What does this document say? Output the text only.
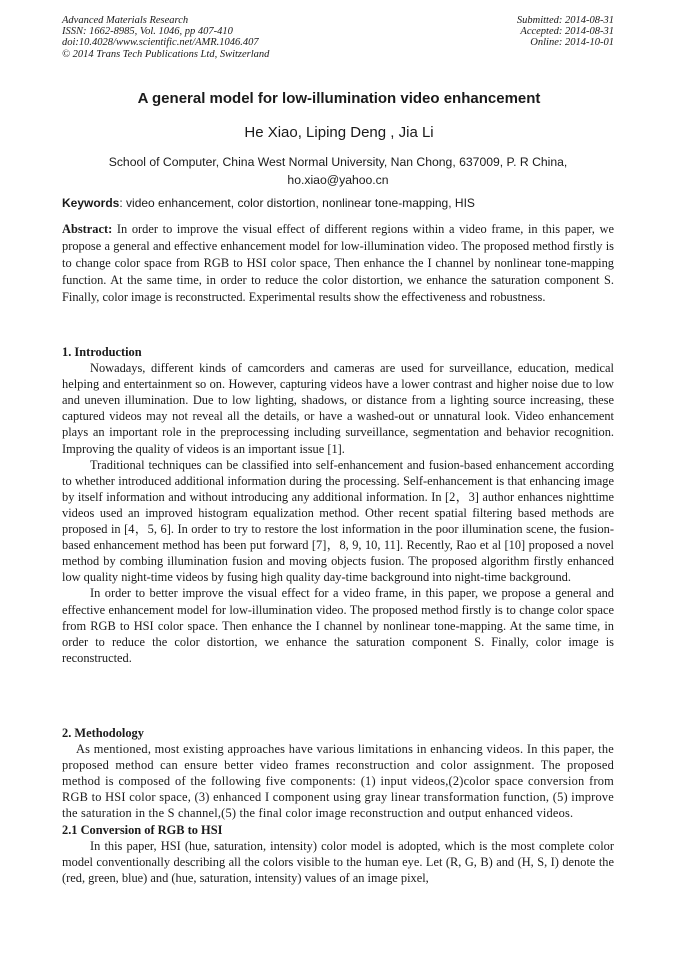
Advanced Materials Research
ISSN: 1662-8985, Vol. 1046, pp 407-410
doi:10.4028/www.scientific.net/AMR.1046.407
© 2014 Trans Tech Publications Ltd, Switzerland
Submitted: 2014-08-31
Accepted: 2014-08-31
Online: 2014-10-01
A general model for low-illumination video enhancement
He Xiao, Liping Deng , Jia Li
School of Computer, China West Normal University, Nan Chong, 637009, P. R China,
ho.xiao@yahoo.cn
Keywords: video enhancement, color distortion, nonlinear tone-mapping, HIS

Abstract: In order to improve the visual effect of different regions within a video frame, in this paper, we propose a general and effective enhancement model for low-illumination video. The proposed method firstly is to change color space from RGB to HSI color space, Then enhance the I channel by nonlinear tone-mapping function. At the same time, in order to reduce the color distortion, we enhance the saturation component S. Finally, color image is reconstructed. Experimental results show the effectiveness and robustness.

1. Introduction

Nowadays, different kinds of camcorders and cameras are used for surveillance, education, medical helping and entertainment so on. However, capturing videos have a lower contrast and higher noise due to low and uneven illumination. Due to low lighting, shadows, or distance from a lighting source increasing, these captured videos may not reveal all the details, or have a washed-out or unnatural look. Video enhancement plays an important role in the preprocessing including surveillance, segmentation and behavior recognition. Improving the quality of videos is an important issue [1].

Traditional techniques can be classified into self-enhancement and fusion-based enhancement according to whether introduced additional information during the processing. Self-enhancement is that enhancing image by itself information and without introducing any additional information. In [2，3] author enhances nighttime videos used an improved histogram equalization method. Other recent spatial filtering based methods are proposed in [4，5, 6]. In order to try to restore the lost information in the poor illumination scene, the fusion-based enhancement method has been put forward [7]，8, 9, 10, 11]. Recently, Rao et al [10] proposed a novel method by combing illumination fusion and moving objects fusion. The proposed algorithm firstly enhanced low quality night-time videos by fusing high quality day-time background into night-time background.

In order to better improve the visual effect for a video frame, in this paper, we propose a general and effective enhancement model for low-illumination video. The proposed method firstly is to change color space from RGB to HSI color space. Then enhance the I channel by nonlinear tone-mapping. At the same time, in order to reduce the color distortion, we enhance the saturation component S. Finally, color image is reconstructed.

2. Methodology

As mentioned, most existing approaches have various limitations in enhancing videos. In this paper, the proposed method can ensure better video frames reconstruction and color assignment. The proposed method is composed of the following five components: (1) input videos,(2)color space conversion from RGB to HSI color space, (3) enhanced I component using gray linear transformation function, (5) improve the saturation in the S channel,(5) the final color image reconstruction and output enhanced videos.

2.1 Conversion of RGB to HSI

In this paper, HSI (hue, saturation, intensity) color model is adopted, which is the most complete color model conventionally describing all the colors visible to the human eye. Let (R, G, B) and (H, S, I) denote the (red, green, blue) and (hue, saturation, intensity) values of an image pixel,
